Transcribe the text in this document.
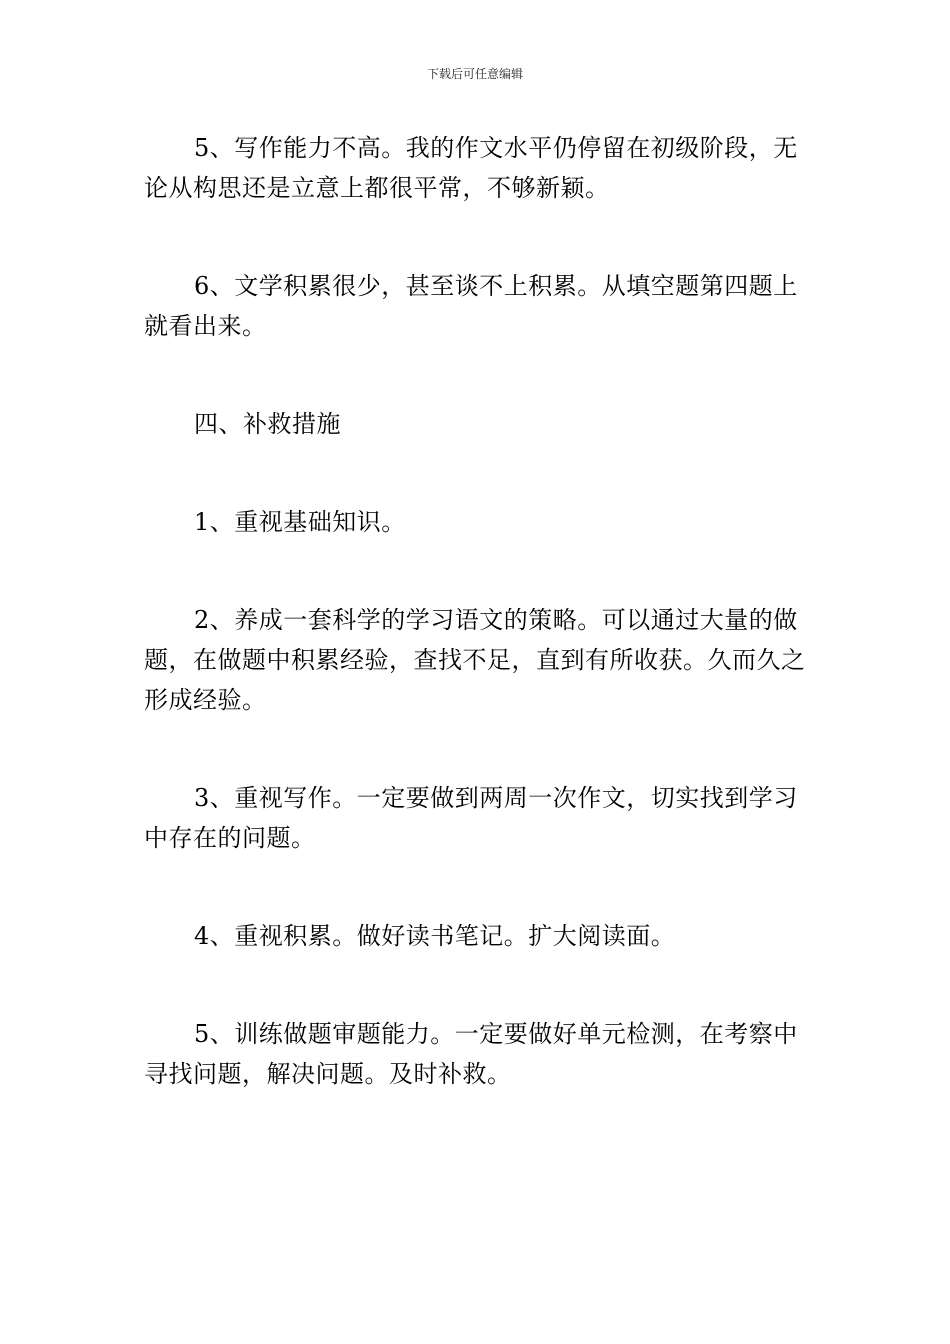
下载后可任意编辑

5、写作能力不高。我的作文水平仍停留在初级阶段，无论从构思还是立意上都很平常，不够新颖。

6、文学积累很少，甚至谈不上积累。从填空题第四题上就看出来。

四、补救措施

1、重视基础知识。

2、养成一套科学的学习语文的策略。可以通过大量的做题，在做题中积累经验，查找不足，直到有所收获。久而久之形成经验。

3、重视写作。一定要做到两周一次作文，切实找到学习中存在的问题。

4、重视积累。做好读书笔记。扩大阅读面。

5、训练做题审题能力。一定要做好单元检测，在考察中寻找问题，解决问题。及时补救。
